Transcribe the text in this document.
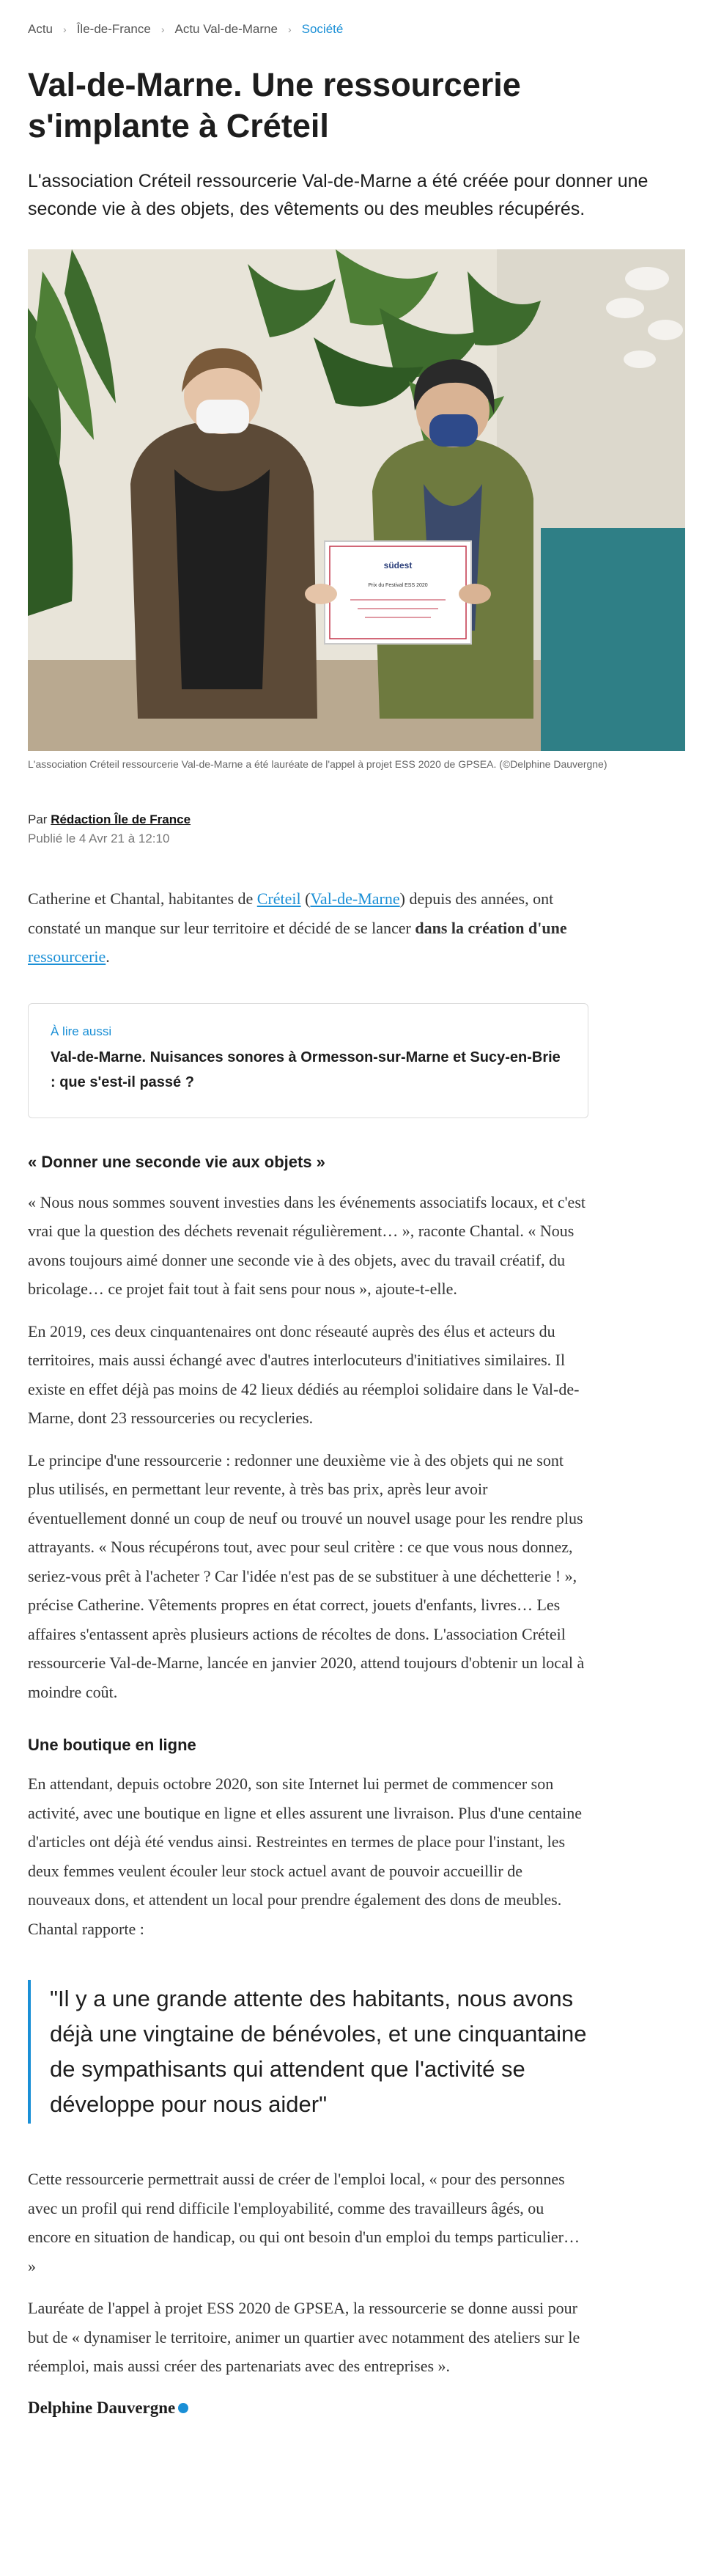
Actu › Île-de-France › Actu Val-de-Marne › Société
Val-de-Marne. Une ressourcerie s'implante à Créteil

L'association Créteil ressourcerie Val-de-Marne a été créée pour donner une seconde vie à des objets, des vêtements ou des meubles récupérés.

südest
Prix du Festival ESS 2020
L'association Créteil ressourcerie Val-de-Marne a été lauréate de l'appel à projet ESS 2020 de GPSEA. (©Delphine Dauvergne)
Par Rédaction Île de France
Publié le 4 Avr 21 à 12:10

Catherine et Chantal, habitantes de Créteil (Val-de-Marne) depuis des années, ont constaté un manque sur leur territoire et décidé de se lancer dans la création d'une ressourcerie.

À lire aussi
Val-de-Marne. Nuisances sonores à Ormesson-sur-Marne et Sucy-en-Brie : que s'est-il passé ?
« Donner une seconde vie aux objets »

« Nous nous sommes souvent investies dans les événements associatifs locaux, et c'est vrai que la question des déchets revenait régulièrement… », raconte Chantal. « Nous avons toujours aimé donner une seconde vie à des objets, avec du travail créatif, du bricolage… ce projet fait tout à fait sens pour nous », ajoute-t-elle.

En 2019, ces deux cinquantenaires ont donc réseauté auprès des élus et acteurs du territoires, mais aussi échangé avec d'autres interlocuteurs d'initiatives similaires. Il existe en effet déjà pas moins de 42 lieux dédiés au réemploi solidaire dans le Val-de-Marne, dont 23 ressourceries ou recycleries.

Le principe d'une ressourcerie : redonner une deuxième vie à des objets qui ne sont plus utilisés, en permettant leur revente, à très bas prix, après leur avoir éventuellement donné un coup de neuf ou trouvé un nouvel usage pour les rendre plus attrayants. « Nous récupérons tout, avec pour seul critère : ce que vous nous donnez, seriez-vous prêt à l'acheter ? Car l'idée n'est pas de se substituer à une déchetterie ! », précise Catherine. Vêtements propres en état correct, jouets d'enfants, livres… Les affaires s'entassent après plusieurs actions de récoltes de dons. L'association Créteil ressourcerie Val-de-Marne, lancée en janvier 2020, attend toujours d'obtenir un local à moindre coût.

Une boutique en ligne

En attendant, depuis octobre 2020, son site Internet lui permet de commencer son activité, avec une boutique en ligne et elles assurent une livraison. Plus d'une centaine d'articles ont déjà été vendus ainsi. Restreintes en termes de place pour l'instant, les deux femmes veulent écouler leur stock actuel avant de pouvoir accueillir de nouveaux dons, et attendent un local pour prendre également des dons de meubles. Chantal rapporte :

"Il y a une grande attente des habitants, nous avons déjà une vingtaine de bénévoles, et une cinquantaine de sympathisants qui attendent que l'activité se développe pour nous aider"

Cette ressourcerie permettrait aussi de créer de l'emploi local, « pour des personnes avec un profil qui rend difficile l'employabilité, comme des travailleurs âgés, ou encore en situation de handicap, ou qui ont besoin d'un emploi du temps particulier… »

Lauréate de l'appel à projet ESS 2020 de GPSEA, la ressourcerie se donne aussi pour but de « dynamiser le territoire, animer un quartier avec notamment des ateliers sur le réemploi, mais aussi créer des partenariats avec des entreprises ».

Delphine Dauvergne
